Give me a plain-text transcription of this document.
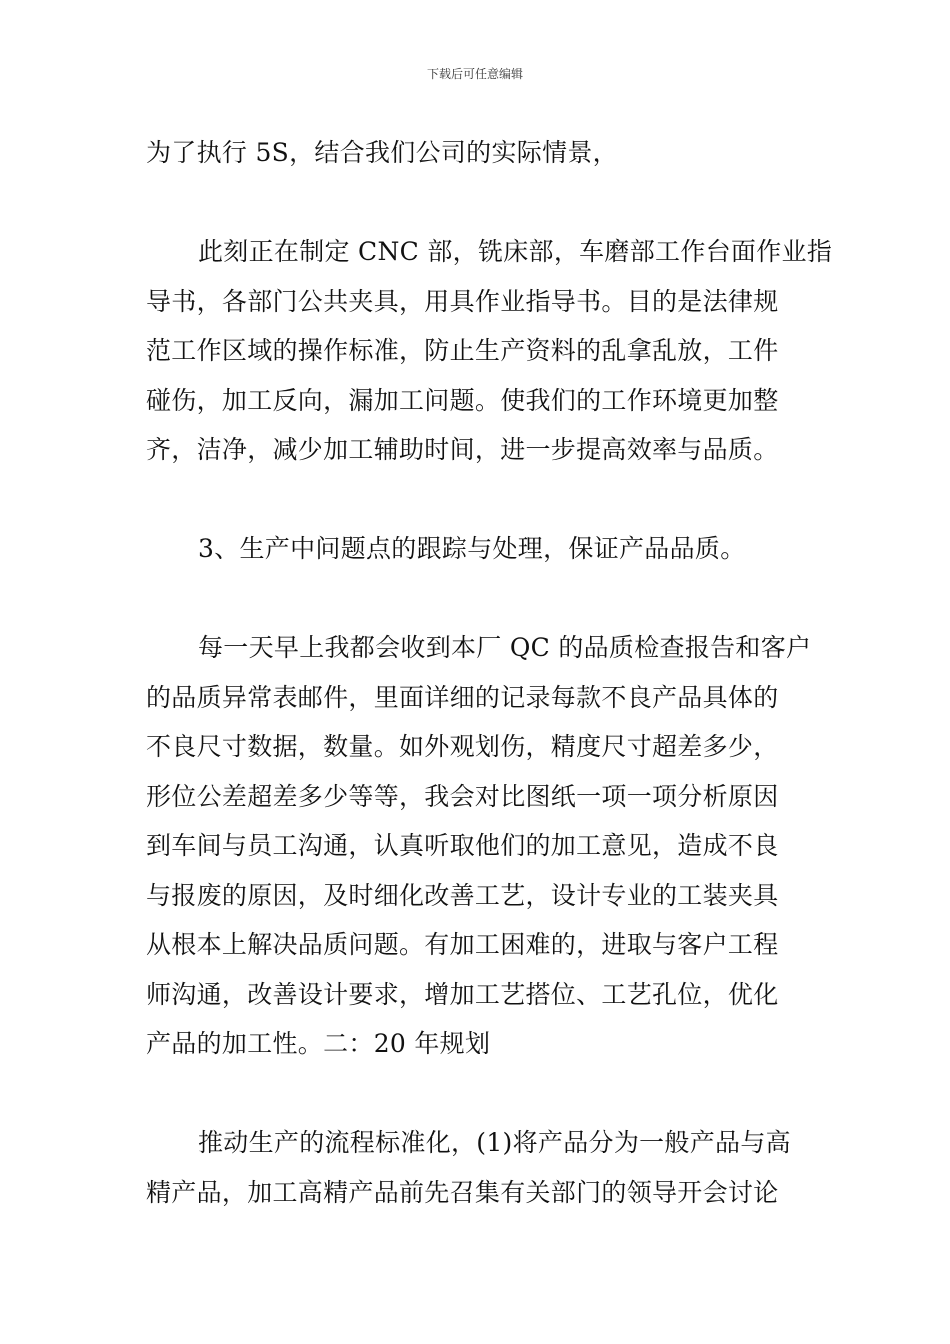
下载后可任意编辑

为了执行 5S，结合我们公司的实际情景，

此刻正在制定 CNC 部，铣床部，车磨部工作台面作业指

导书，各部门公共夹具，用具作业指导书。目的是法律规

范工作区域的操作标准，防止生产资料的乱拿乱放，工件

碰伤，加工反向，漏加工问题。使我们的工作环境更加整

齐，洁净，减少加工辅助时间，进一步提高效率与品质。

3、生产中问题点的跟踪与处理，保证产品品质。

每一天早上我都会收到本厂 QC 的品质检查报告和客户

的品质异常表邮件，里面详细的记录每款不良产品具体的

不良尺寸数据，数量。如外观划伤，精度尺寸超差多少，

形位公差超差多少等等，我会对比图纸一项一项分析原因

到车间与员工沟通，认真听取他们的加工意见，造成不良

与报废的原因，及时细化改善工艺，设计专业的工装夹具

从根本上解决品质问题。有加工困难的，进取与客户工程

师沟通，改善设计要求，增加工艺搭位、工艺孔位，优化

产品的加工性。二：20 年规划

推动生产的流程标准化，(1)将产品分为一般产品与高

精产品，加工高精产品前先召集有关部门的领导开会讨论
